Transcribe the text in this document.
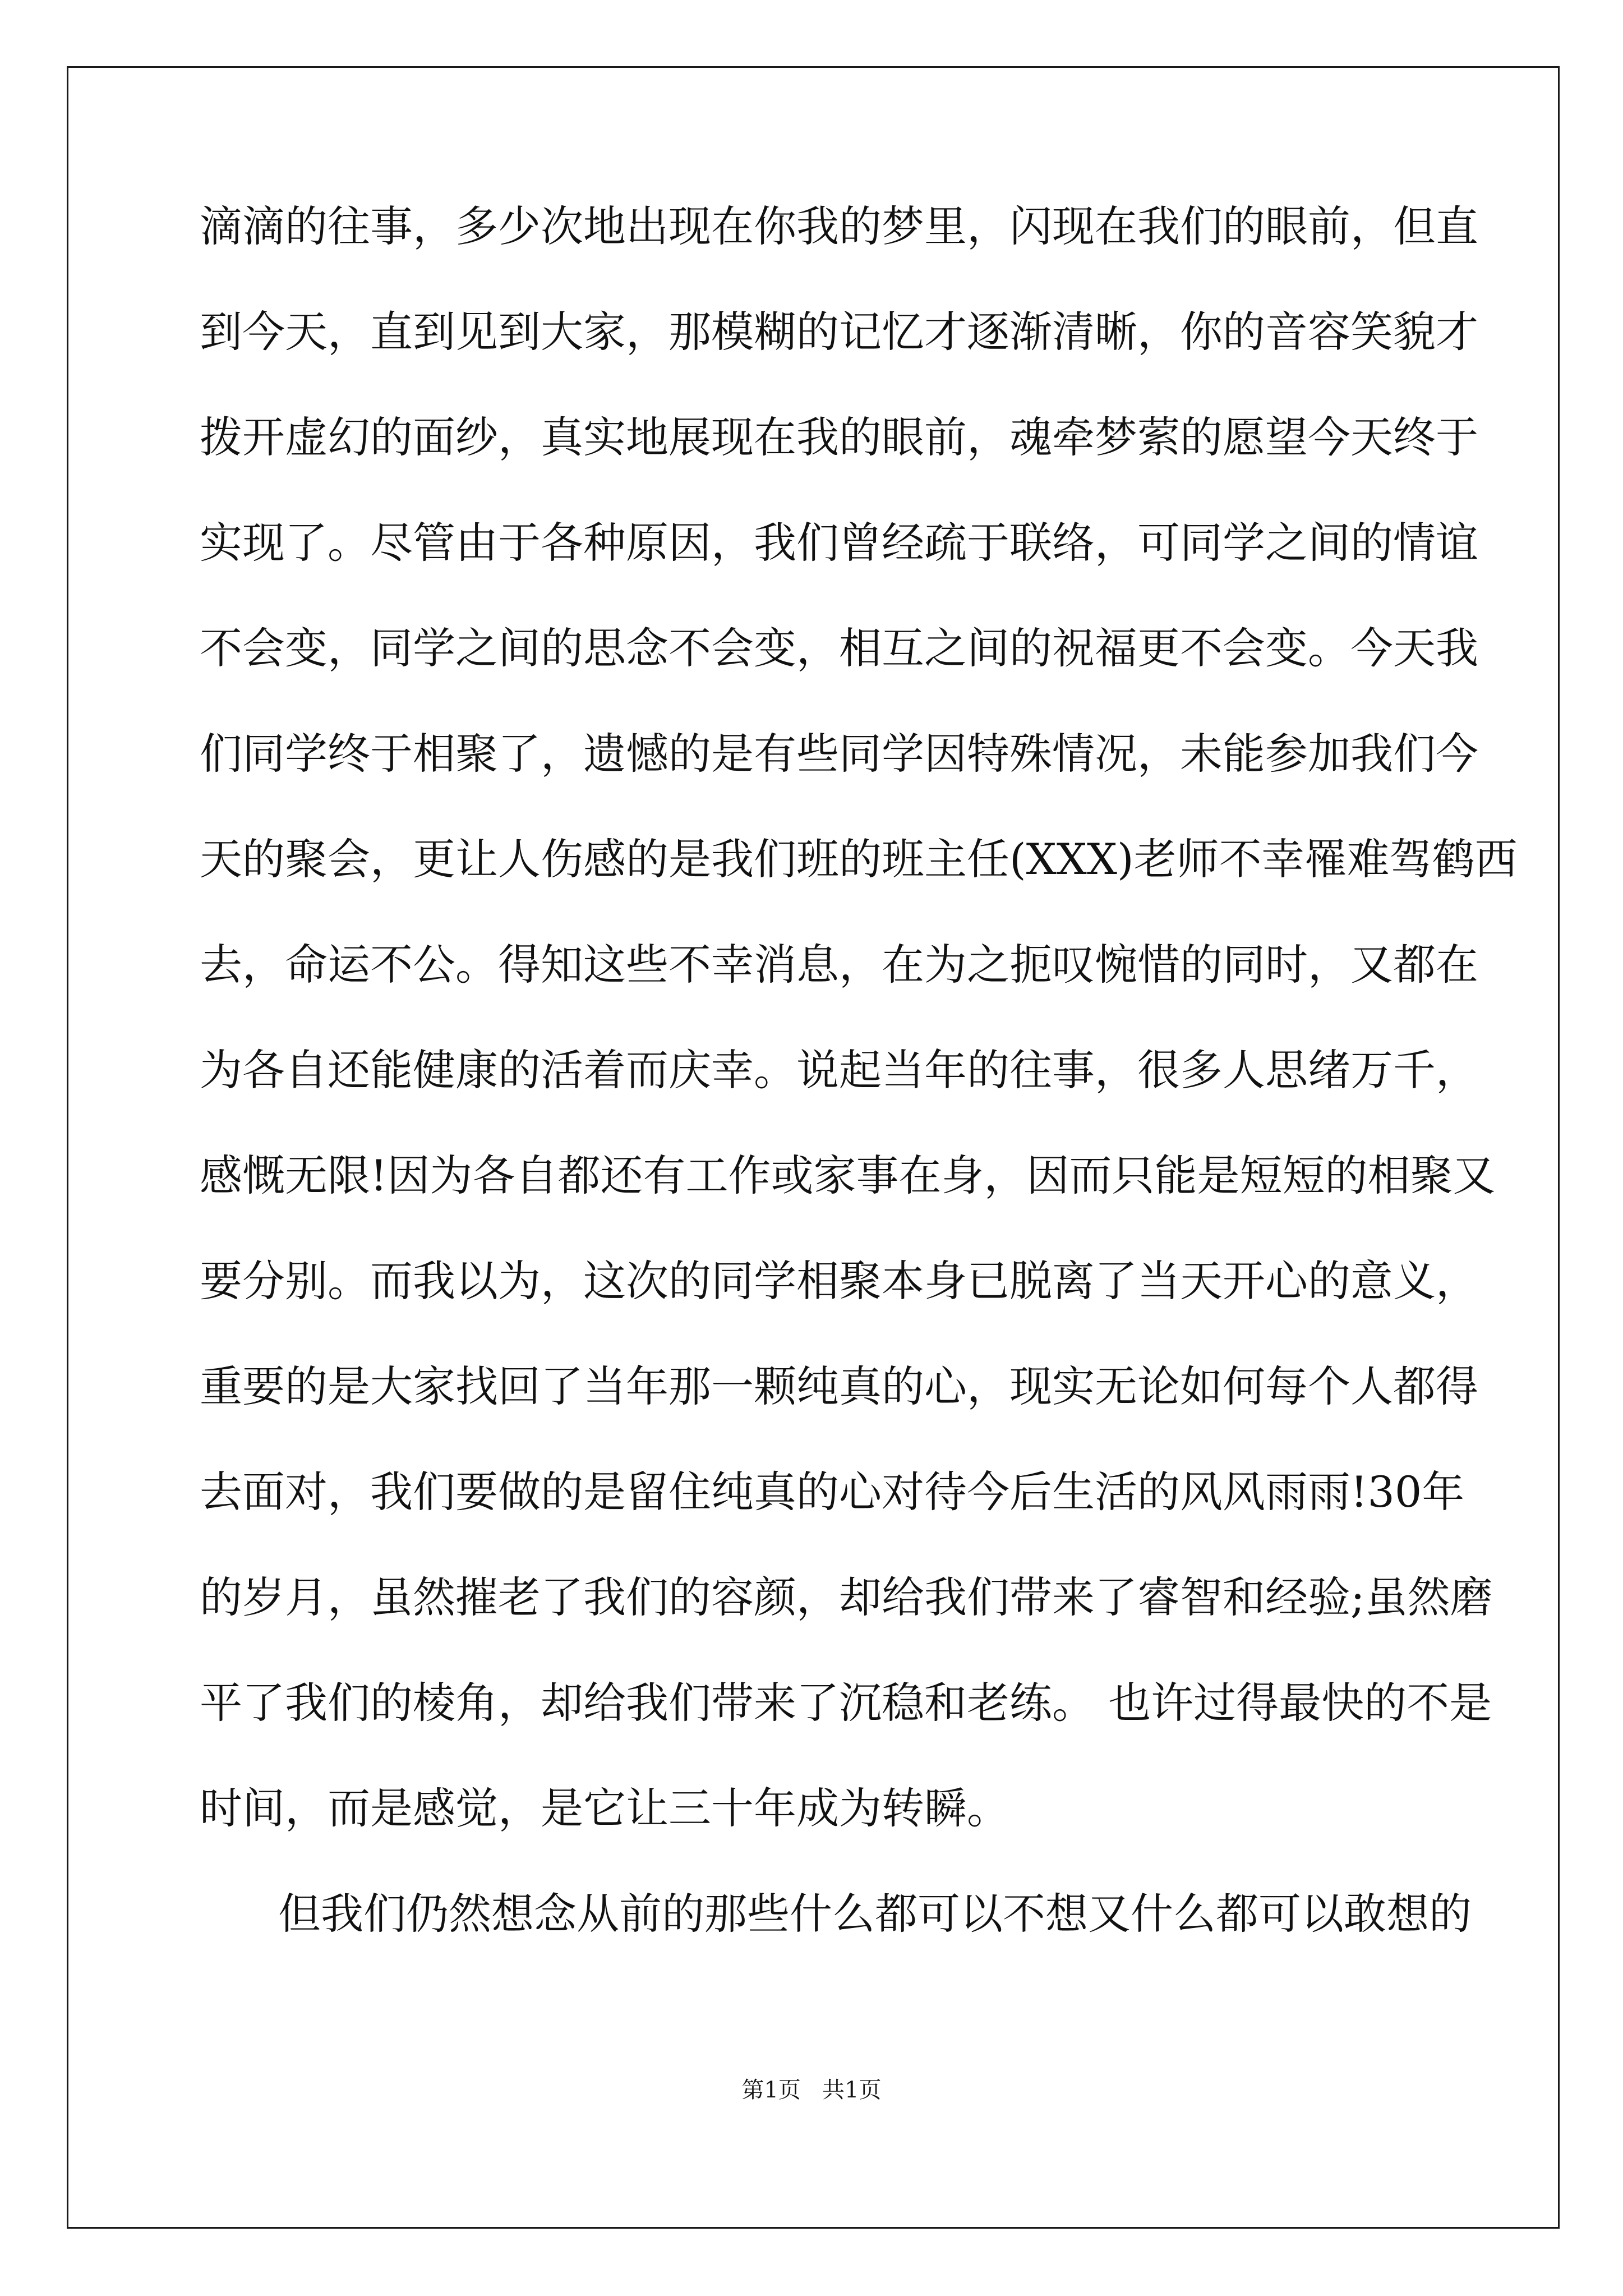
滴滴的往事，多少次地出现在你我的梦里，闪现在我们的眼前，但直
到今天，直到见到大家，那模糊的记忆才逐渐清晰，你的音容笑貌才
拨开虚幻的面纱，真实地展现在我的眼前，魂牵梦萦的愿望今天终于
实现了。尽管由于各种原因，我们曾经疏于联络，可同学之间的情谊
不会变，同学之间的思念不会变，相互之间的祝福更不会变。今天我
们同学终于相聚了，遗憾的是有些同学因特殊情况，未能参加我们今
天的聚会，更让人伤感的是我们班的班主任(XXX)老师不幸罹难驾鹤西
去，命运不公。得知这些不幸消息，在为之扼叹惋惜的同时，又都在
为各自还能健康的活着而庆幸。说起当年的往事，很多人思绪万千，
感慨无限!因为各自都还有工作或家事在身，因而只能是短短的相聚又
要分别。而我以为，这次的同学相聚本身已脱离了当天开心的意义，
重要的是大家找回了当年那一颗纯真的心，现实无论如何每个人都得
去面对，我们要做的是留住纯真的心对待今后生活的风风雨雨!30年
的岁月，虽然摧老了我们的容颜，却给我们带来了睿智和经验;虽然磨
平了我们的棱角，却给我们带来了沉稳和老练。 也许过得最快的不是
时间，而是感觉，是它让三十年成为转瞬。
但我们仍然想念从前的那些什么都可以不想又什么都可以敢想的
第1页   共1页
